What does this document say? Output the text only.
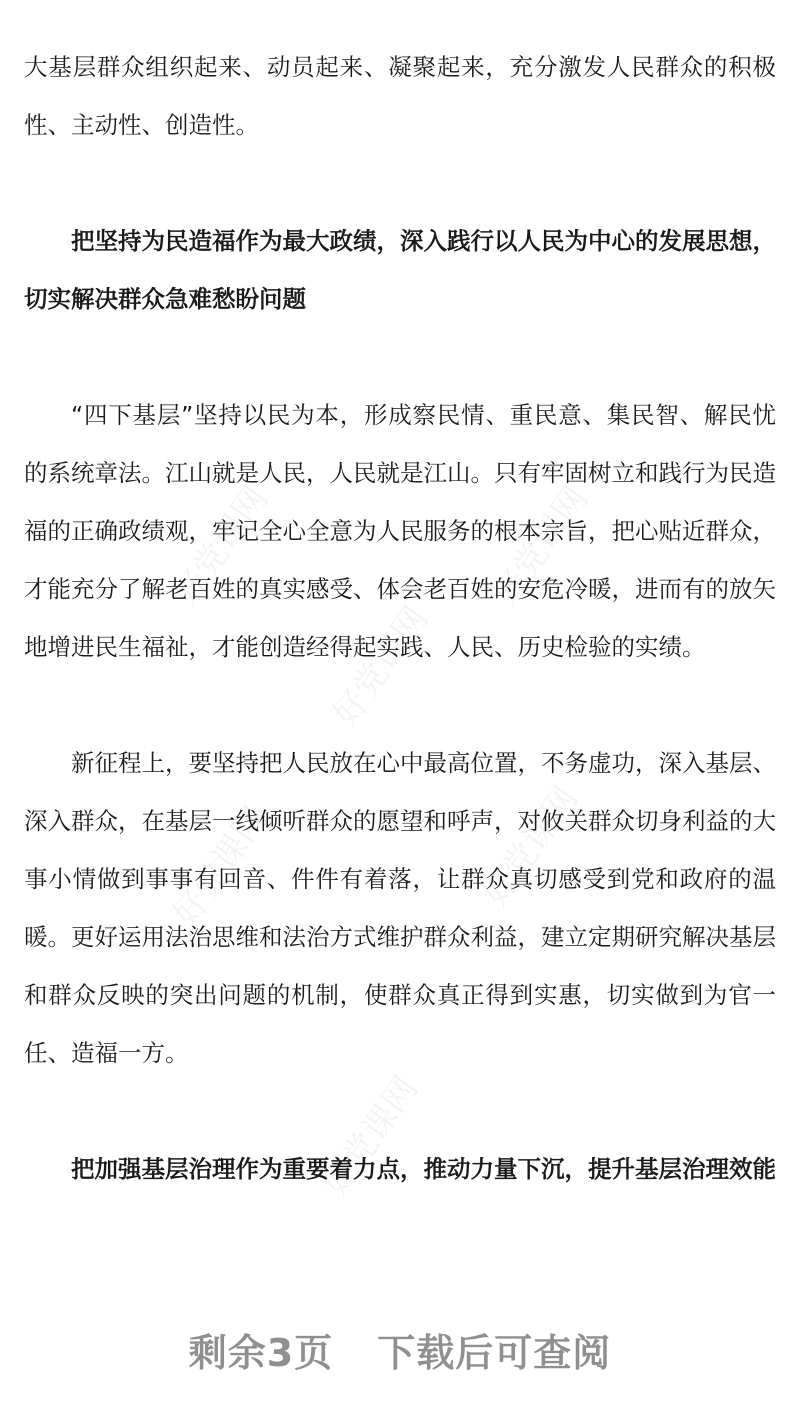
好党课网	好党课网
好党课网
好党课网	好党课网
好党课网

大基层群众组织起来、动员起来、凝聚起来，充分激发人民群众的积极性、主动性、创造性。

把坚持为民造福作为最大政绩，深入践行以人民为中心的发展思想，切实解决群众急难愁盼问题

“四下基层”坚持以民为本，形成察民情、重民意、集民智、解民忧的系统章法。江山就是人民，人民就是江山。只有牢固树立和践行为民造福的正确政绩观，牢记全心全意为人民服务的根本宗旨，把心贴近群众，才能充分了解老百姓的真实感受、体会老百姓的安危冷暖，进而有的放矢地增进民生福祉，才能创造经得起实践、人民、历史检验的实绩。

新征程上，要坚持把人民放在心中最高位置，不务虚功，深入基层、深入群众，在基层一线倾听群众的愿望和呼声，对攸关群众切身利益的大事小情做到事事有回音、件件有着落，让群众真切感受到党和政府的温暖。更好运用法治思维和法治方式维护群众利益，建立定期研究解决基层和群众反映的突出问题的机制，使群众真正得到实惠，切实做到为官一任、造福一方。

把加强基层治理作为重要着力点，推动力量下沉，提升基层治理效能

剩余3页 下载后可查阅
